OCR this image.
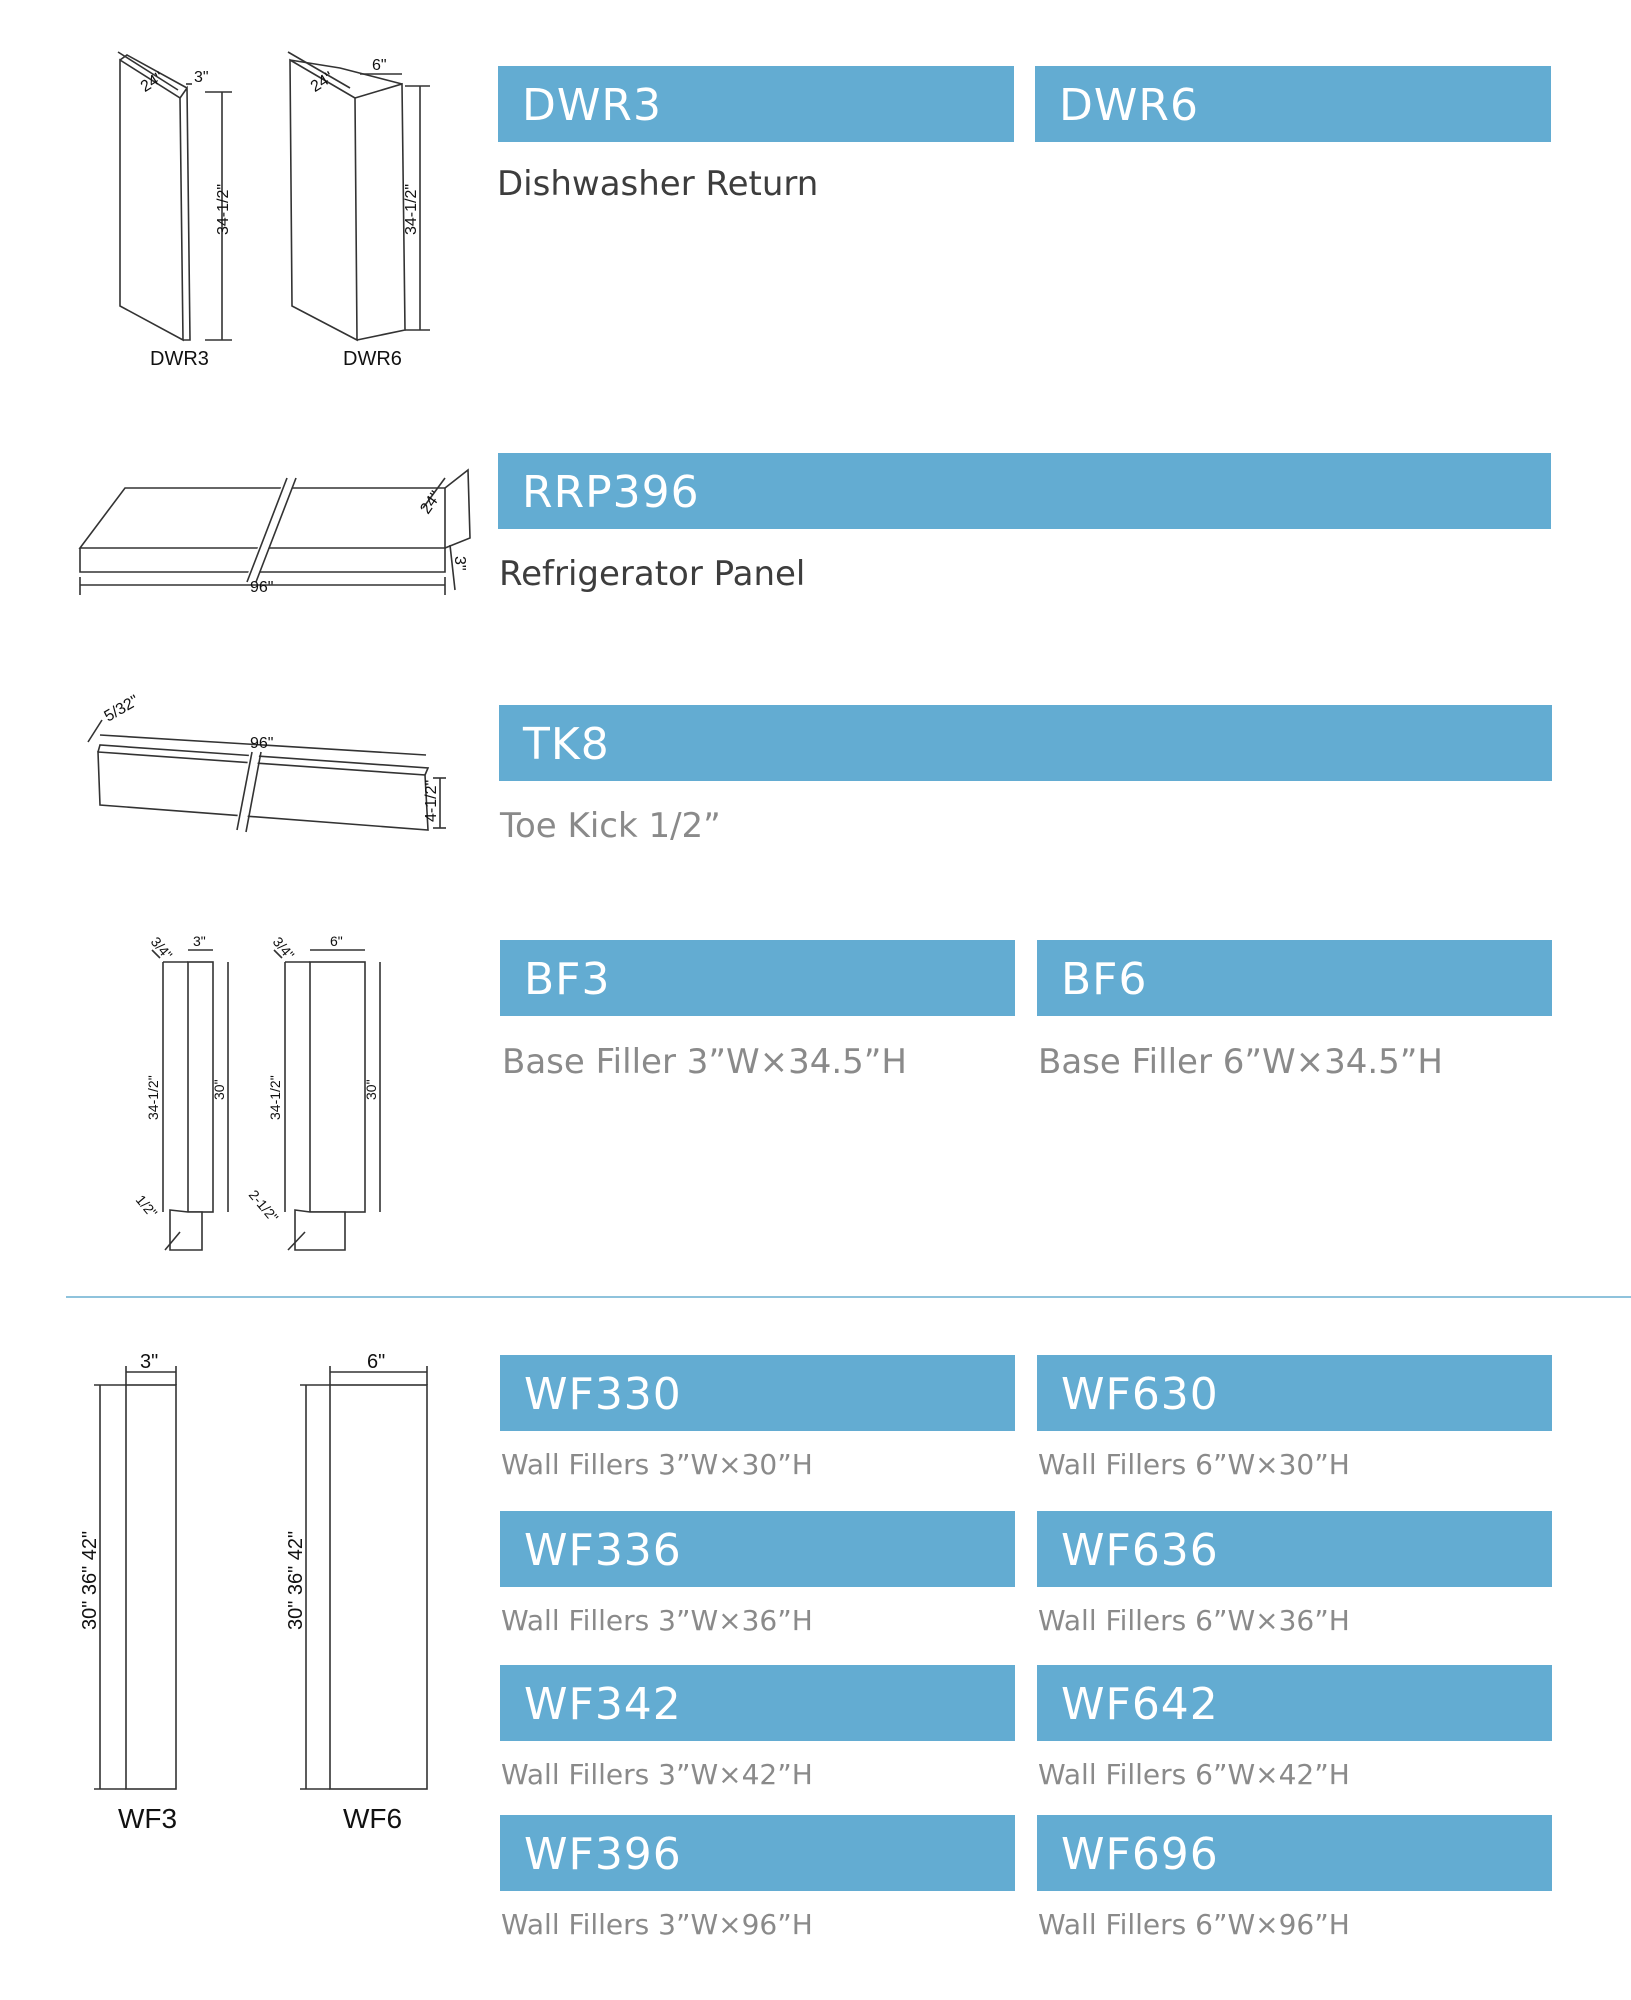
24" 3"
34-1/2"
DWR3
24"
6"
34-1/2"
DWR6
96"
24"
3"
5/32"
96"
4-1/2"
3/4" 3"
34-1/2"	30"
1/2"
3/4" 6"
34-1/2"	30"
2-1/2"
3"
30" 36" 42"
WF3
6"
30" 36" 42"
WF6
DWR3	DWR6
Dishwasher Return
RRP396
Refrigerator Panel
TK8
Toe Kick 1/2”
BF3	BF6
Base Filler 3”W×34.5”H	Base Filler 6”W×34.5”H
WF330	WF630
Wall Fillers 3”W×30”H	Wall Fillers 6”W×30”H
WF336	WF636
Wall Fillers 3”W×36”H	Wall Fillers 6”W×36”H
WF342	WF642
Wall Fillers 3”W×42”H	Wall Fillers 6”W×42”H
WF396	WF696
Wall Fillers 3”W×96”H	Wall Fillers 6”W×96”H
